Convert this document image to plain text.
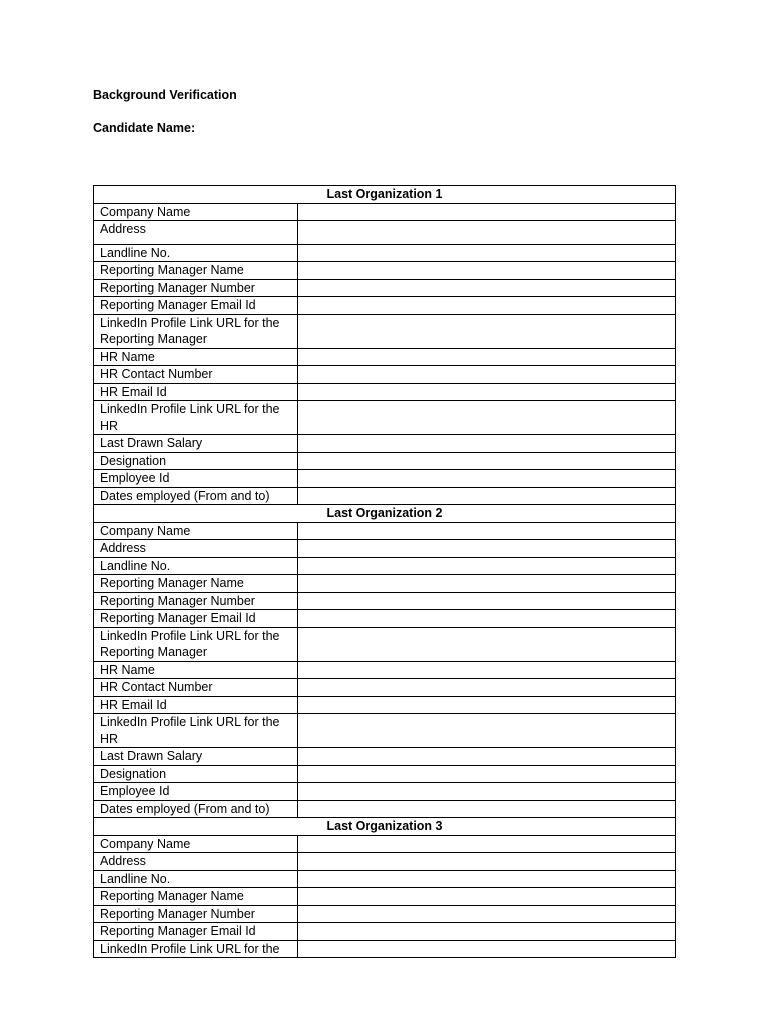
Background Verification
Candidate Name:
Last Organization 1	
Company Name	
Address	
Landline No.	
Reporting Manager Name	
Reporting Manager Number	
Reporting Manager Email Id	
LinkedIn Profile Link URL for the Reporting Manager	
HR Name	
HR Contact Number	
HR Email Id	
LinkedIn Profile Link URL for the HR	
Last Drawn Salary	
Designation	
Employee Id	
Dates employed (From and to)	
Last Organization 2	
Company Name	
Address	
Landline No.	
Reporting Manager Name	
Reporting Manager Number	
Reporting Manager Email Id	
LinkedIn Profile Link URL for the Reporting Manager	
HR Name	
HR Contact Number	
HR Email Id	
LinkedIn Profile Link URL for the HR	
Last Drawn Salary	
Designation	
Employee Id	
Dates employed (From and to)	
Last Organization 3	
Company Name	
Address	
Landline No.	
Reporting Manager Name	
Reporting Manager Number	
Reporting Manager Email Id	
LinkedIn Profile Link URL for the	
